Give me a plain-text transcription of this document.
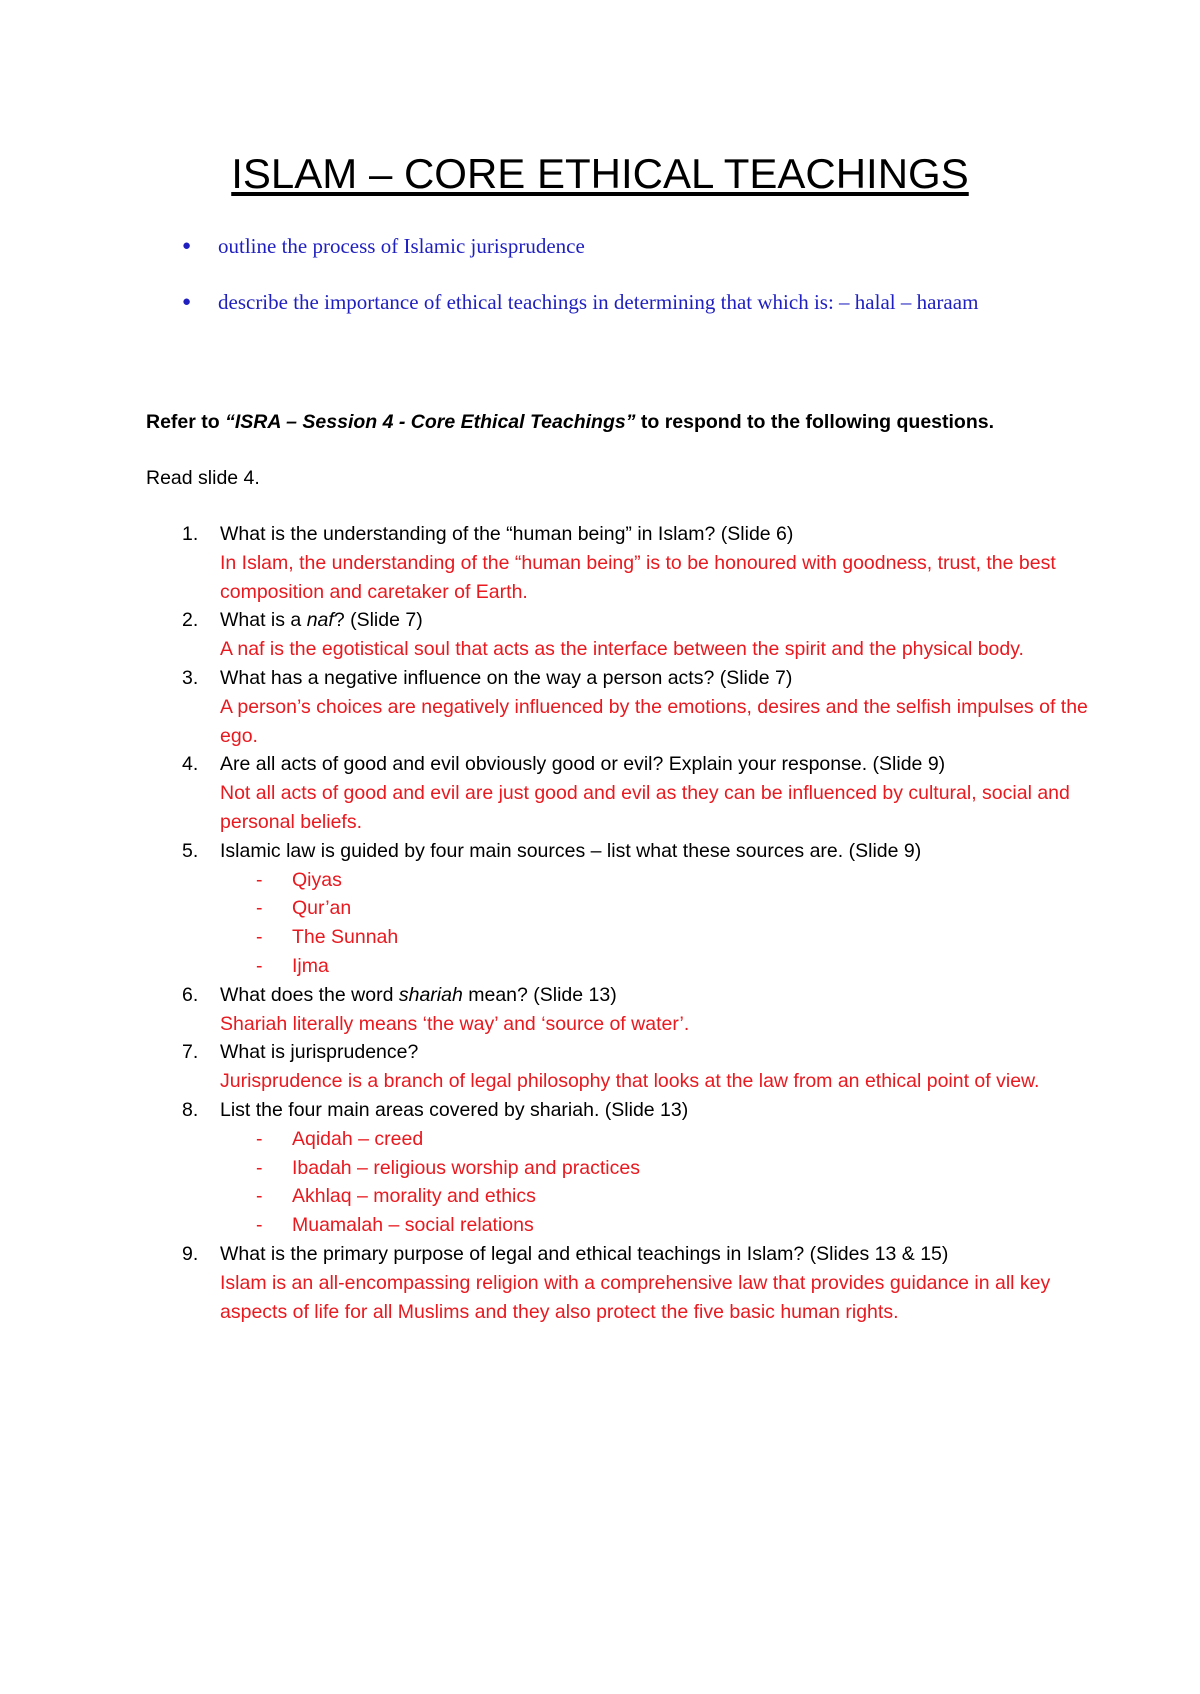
ISLAM – CORE ETHICAL TEACHINGS
● outline the process of Islamic jurisprudence
● describe the importance of ethical teachings in determining that which is: – halal – haraam

Refer to “ISRA – Session 4 - Core Ethical Teachings” to respond to the following questions.

Read slide 4.

1. What is the understanding of the “human being” in Islam? (Slide 6)
In Islam, the understanding of the “human being” is to be honoured with goodness, trust, the best composition and caretaker of Earth.
2. What is a naf? (Slide 7)
A naf is the egotistical soul that acts as the interface between the spirit and the physical body.
3. What has a negative influence on the way a person acts? (Slide 7)
A person’s choices are negatively influenced by the emotions, desires and the selfish impulses of the ego.
4. Are all acts of good and evil obviously good or evil? Explain your response. (Slide 9)
Not all acts of good and evil are just good and evil as they can be influenced by cultural, social and personal beliefs.
5. Islamic law is guided by four main sources – list what these sources are. (Slide 9)
- Qiyas
- Qur’an
- The Sunnah
- Ijma
6. What does the word shariah mean? (Slide 13)
Shariah literally means ‘the way’ and ‘source of water’.
7. What is jurisprudence?
Jurisprudence is a branch of legal philosophy that looks at the law from an ethical point of view.
8. List the four main areas covered by shariah. (Slide 13)
- Aqidah – creed
- Ibadah – religious worship and practices
- Akhlaq – morality and ethics
- Muamalah – social relations
9. What is the primary purpose of legal and ethical teachings in Islam? (Slides 13 & 15)
Islam is an all-encompassing religion with a comprehensive law that provides guidance in all key aspects of life for all Muslims and they also protect the five basic human rights.
